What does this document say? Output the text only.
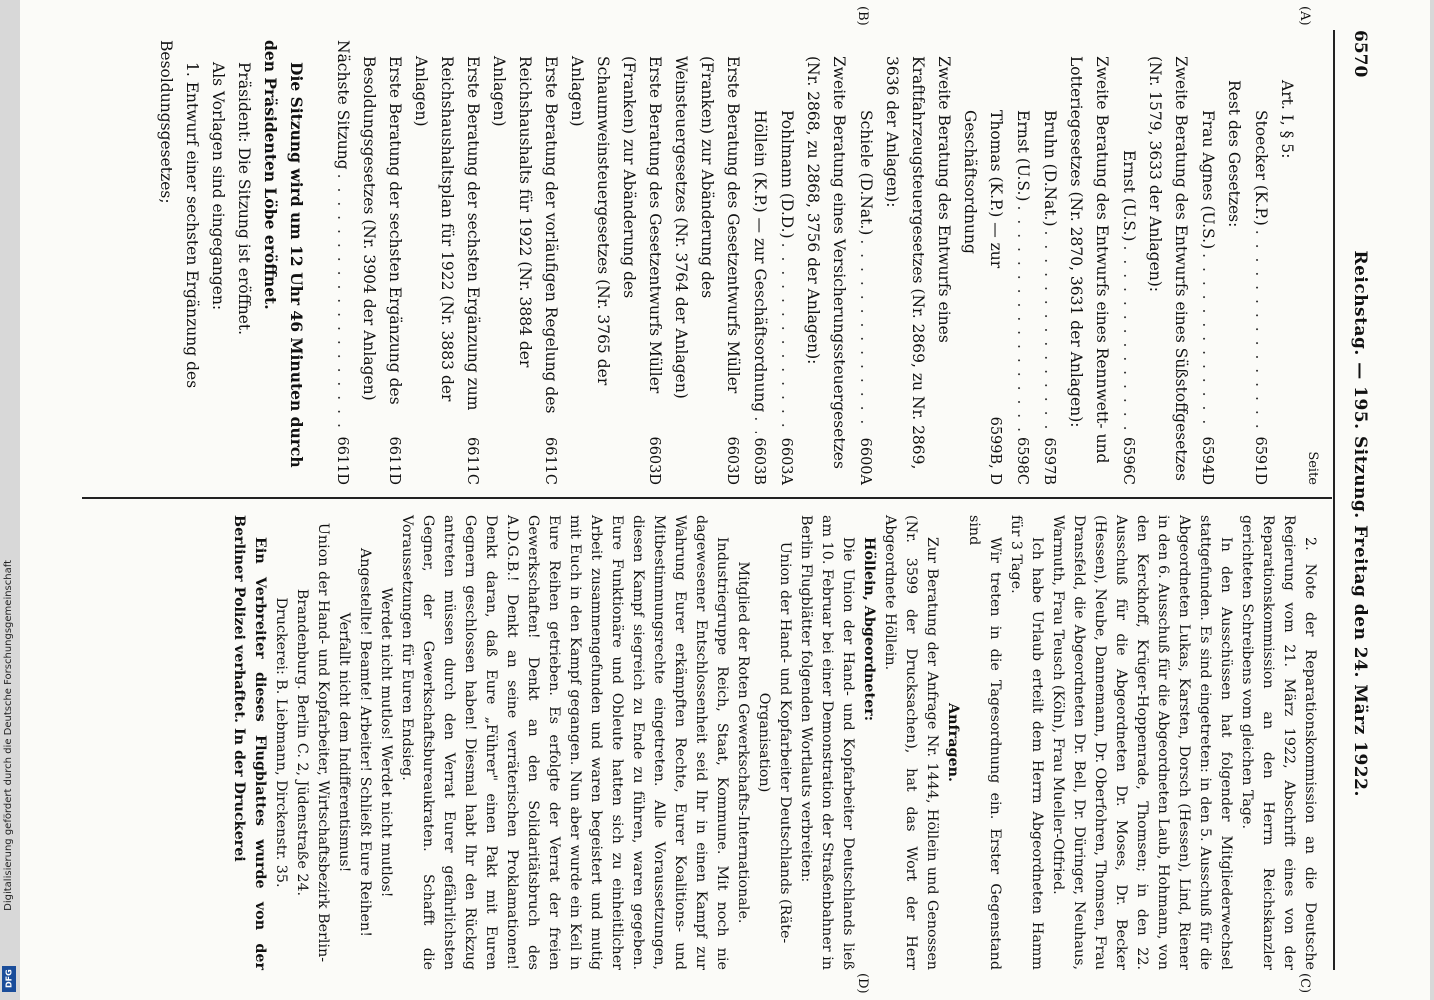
6570
Reichstag. — 195. Sitzung. Freitag den 24. März 1922.
(A)
(B)
(C)
(D)
Seite
Art. I, § 5:
Stoecker (K.P.)
. . .
6591D
Rest des Gesetzes:
Frau Agnes (U.S.)
. . .
6594D
Zweite Beratung des Entwurfs eines Süßstoffgesetzes (Nr. 1579, 3633 der Anlagen):
Ernst (U.S.)
. . .
6596C
Zweite Beratung des Entwurfs eines Rennwett- und Lotteriegesetzes (Nr. 2870, 3631 der Anlagen):
Bruhn (D.Nat.)
. . .
6597B
Ernst (U.S.)
. . .
6598C
Thomas (K.P.) — zur Geschäftsordnung
6599B, D
Zweite Beratung des Entwurfs eines Kraftfahrzeugsteuergesetzes (Nr. 2869, zu Nr. 2869, 3636 der Anlagen):
Schiele (D.Nat.)
. . .
6600A
Zweite Beratung eines Versicherungssteuergesetzes (Nr. 2868, zu 2868, 3756 der Anlagen):
Pohlmann (D.D.)
. . .
6603A
Höllein (K.P.) — zur Geschäftsordnung
. . .
6603B
Erste Beratung des Gesetzentwurfs Müller (Franken) zur Abänderung des Weinsteuergesetzes (Nr. 3764 der Anlagen)
6603D
Erste Beratung des Gesetzentwurfs Müller (Franken) zur Abänderung des Schaumweinsteuergesetzes (Nr. 3765 der Anlagen)
6603D
Erste Beratung der vorläufigen Regelung des Reichshaushalts für 1922 (Nr. 3884 der Anlagen)
6611C
Erste Beratung der sechsten Ergänzung zum Reichshaushaltsplan für 1922 (Nr. 3883 der Anlagen)
6611C
Erste Beratung der sechsten Ergänzung des Besoldungsgesetzes (Nr. 3904 der Anlagen)
6611D
Nächste Sitzung
. . .
6611D

Die Sitzung wird um 12 Uhr 46 Minuten durch den Präsidenten Löbe eröffnet.

Präsident: Die Sitzung ist eröffnet.

Als Vorlagen sind eingegangen:

1. Entwurf einer sechsten Ergänzung des Besoldungsgesetzes;

2. Note der Reparationskommission an die Deutsche Regierung vom 21. März 1922, Abschrift eines von der Reparationskommission an den Herrn Reichskanzler gerichteten Schreibens vom gleichen Tage.

In den Ausschüssen hat folgender Mitgliederwechsel stattgefunden. Es sind eingetreten: in den 5. Ausschuß für die Abgeordneten Lukas, Karsten, Dorsch (Hessen), Lind, Riener in den 6. Ausschuß für die Abgeordneten Laub, Hohmann, von den Kerckhoff, Krüger-Hoppenrade, Thomsen; in den 22. Ausschuß für die Abgeordneten Dr. Moses, Dr. Becker (Hessen), Neube, Dannemann, Dr. Oberfohren, Thomsen, Frau Dransfeld, die Abgeordneten Dr. Bell, Dr. Düringer, Neuhaus, Warmuth, Frau Teusch (Köln), Frau Mueller-Otfried.

Ich habe Urlaub erteilt dem Herrn Abgeordneten Hamm für 3 Tage.

Wir treten in die Tagesordnung ein. Erster Gegenstand sind

Anfragen.

Zur Beratung der Anfrage Nr. 1444, Höllein und Genossen (Nr. 3599 der Drucksachen), hat das Wort der Herr Abgeordnete Höllein.

Höllein, Abgeordneter:

Die Union der Hand- und Kopfarbeiter Deutschlands ließ am 10. Februar bei einer Demonstration der Straßenbahner in Berlin Flugblätter folgenden Wortlauts verbreiten:

Union der Hand- und Kopfarbeiter Deutschlands (Räte-Organisation)

Mitglied der Roten Gewerkschafts-Internationale.

Industriegruppe Reich, Staat, Kommune. Mit noch nie dagewesener Entschlossenheit seid Ihr in einen Kampf zur Wahrung Eurer erkämpften Rechte, Eurer Koalitions- und Mitbestimmungsrechte eingetreten. Alle Voraussetzungen, diesen Kampf siegreich zu Ende zu führen, waren gegeben. Eure Funktionäre und Obleute hatten sich zu einheitlicher Arbeit zusammengefunden und waren begeistert und mutig mit Euch in den Kampf gegangen. Nun aber wurde ein Keil in Eure Reihen getrieben. Es erfolgte der Verrat der freien Gewerkschaften! Denkt an den Solidaritätsbruch des A.D.G.B.! Denkt an seine verräterischen Proklamationen! Denkt daran, daß Eure „Führer" einen Pakt mit Euren Gegnern geschlossen haben! Diesmal habt Ihr den Rückzug antreten müssen durch den Verrat Eurer gefährlichsten Gegner, der Gewerkschaftsbureaukraten. Schafft die Voraussetzungen für Euren Endsieg.

Werdet nicht mutlos! Werdet nicht mutlos!

Angestellte! Beamte! Arbeiter! Schließt Eure Reihen!

Verfallt nicht dem Indifferentismus!

Union der Hand- und Kopfarbeiter, Wirtschaftsbezirk Berlin-Brandenburg. Berlin C. 2, Jüdenstraße 24.

Druckerei: B. Liebmann, Dirckenstr. 35.

Ein Verbreiter dieses Flugblattes wurde von der Berliner Polizei verhaftet. In der Druckerei

Digitalisierung gefördert durch die Deutsche Forschungsgemeinschaft
DFG
